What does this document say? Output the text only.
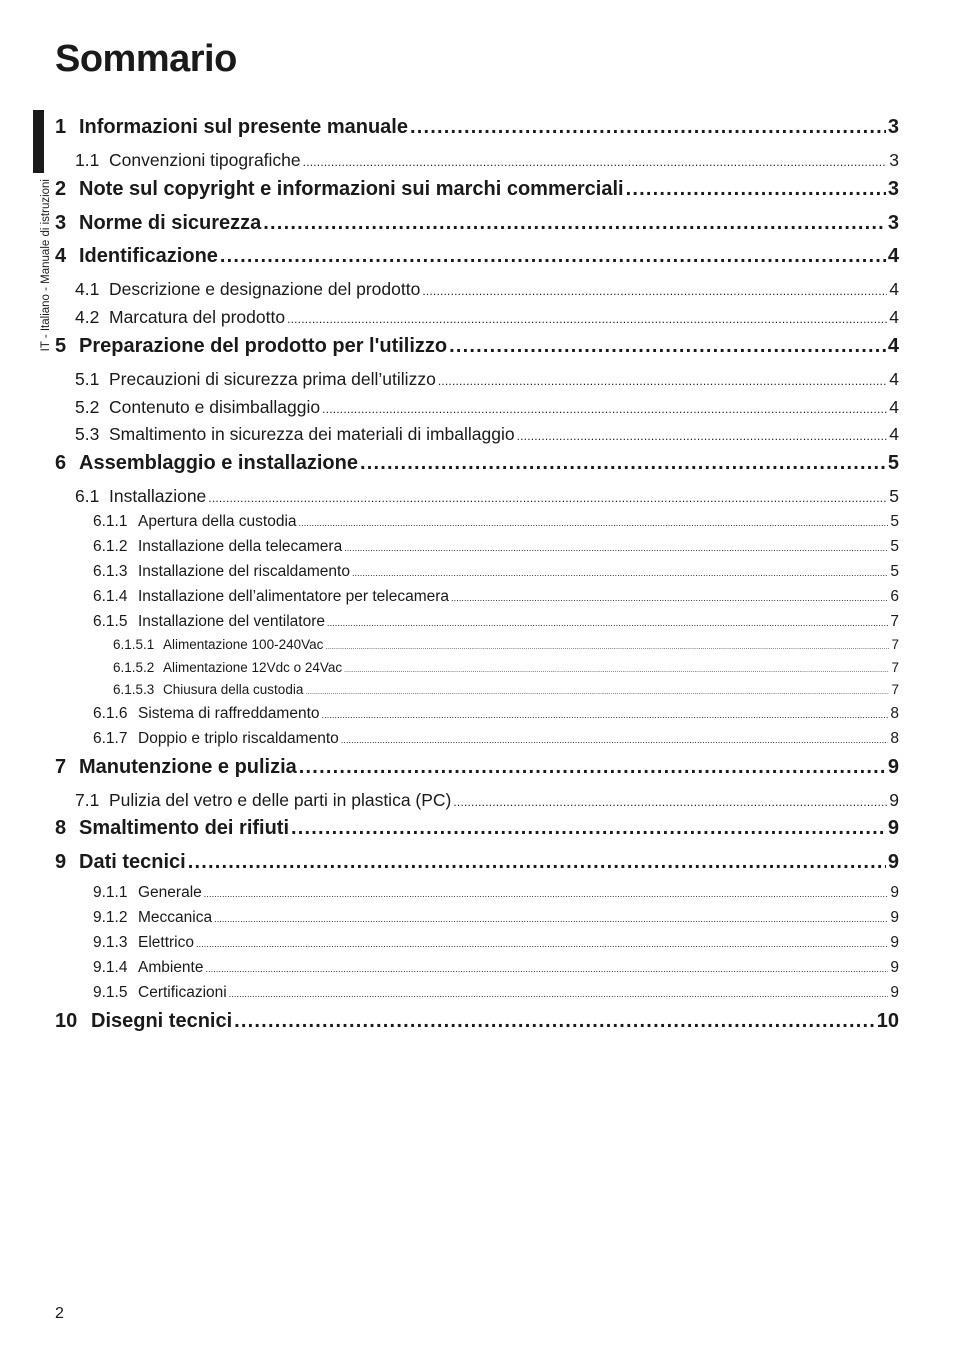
Sommario
IT - Italiano - Manuale di istruzioni
1 Informazioni sul presente manuale .....	3
1.1 Convenzioni tipografiche .....	3
2 Note sul copyright e informazioni sui marchi commerciali .....	3
3 Norme di sicurezza .....	3
4 Identificazione .....	4
4.1 Descrizione e designazione del prodotto .....	4
4.2 Marcatura del prodotto .....	4
5 Preparazione del prodotto per l'utilizzo .....	4
5.1 Precauzioni di sicurezza prima dell’utilizzo .....	4
5.2 Contenuto e disimballaggio .....	4
5.3 Smaltimento in sicurezza dei materiali di imballaggio .....	4
6 Assemblaggio e installazione .....	5
6.1 Installazione .....	5
6.1.1 Apertura della custodia .....	5
6.1.2 Installazione della telecamera .....	5
6.1.3 Installazione del riscaldamento .....	5
6.1.4 Installazione dell’alimentatore per telecamera .....	6
6.1.5 Installazione del ventilatore .....	7
6.1.5.1 Alimentazione 100-240Vac .....	7
6.1.5.2 Alimentazione 12Vdc o 24Vac .....	7
6.1.5.3 Chiusura della custodia .....	7
6.1.6 Sistema di raffreddamento .....	8
6.1.7 Doppio e triplo riscaldamento .....	8
7 Manutenzione e pulizia .....	9
7.1 Pulizia del vetro e delle parti in plastica (PC) .....	9
8 Smaltimento dei rifiuti .....	9
9 Dati tecnici .....	9
9.1.1 Generale .....	9
9.1.2 Meccanica .....	9
9.1.3 Elettrico .....	9
9.1.4 Ambiente .....	9
9.1.5 Certificazioni .....	9
10 Disegni tecnici .....	10
2
